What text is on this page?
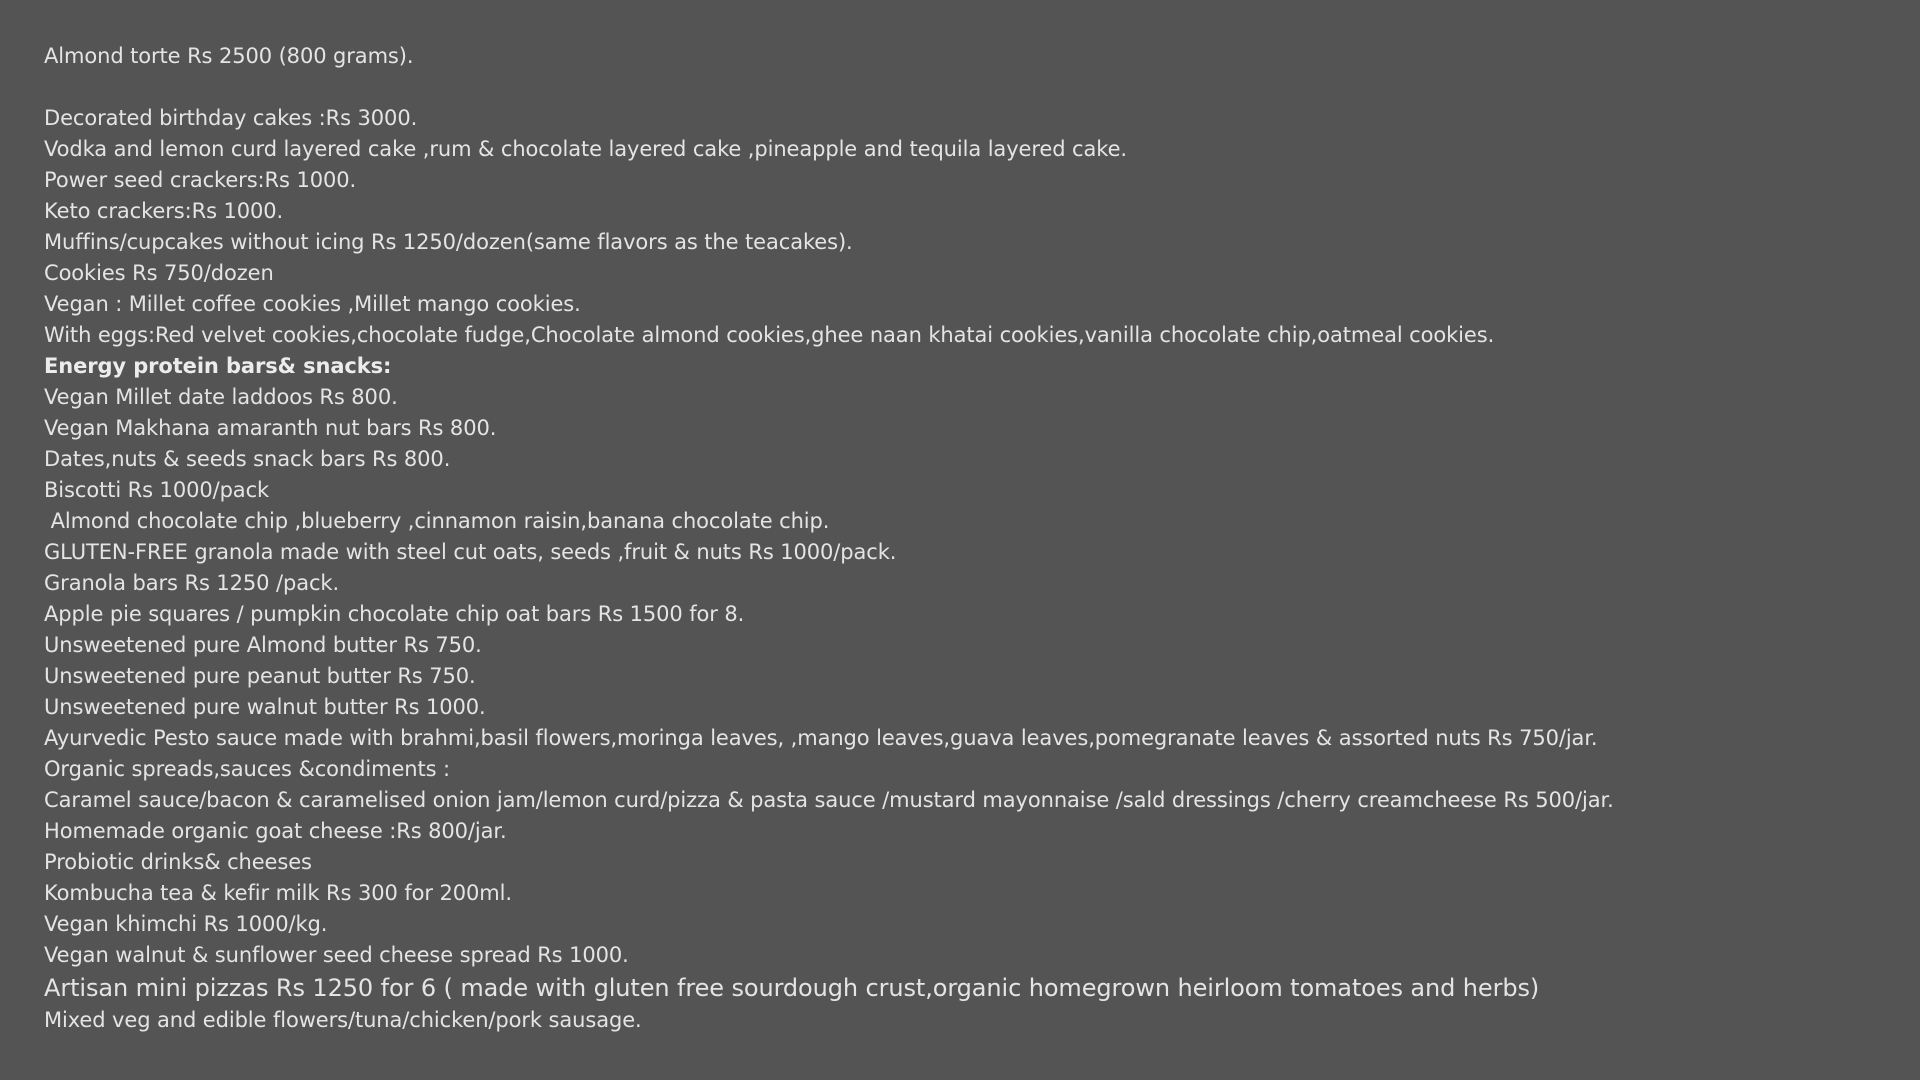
Almond torte Rs 2500 (800 grams).
Decorated birthday cakes :Rs 3000.
Vodka and lemon curd layered cake ,rum & chocolate layered cake ,pineapple and tequila layered cake.
Power seed crackers:Rs 1000.
Keto crackers:Rs 1000.
Muffins/cupcakes without icing Rs 1250/dozen(same flavors as the teacakes).
Cookies Rs 750/dozen
Vegan : Millet coffee cookies ,Millet mango cookies.
With eggs:Red velvet cookies,chocolate fudge,Chocolate almond cookies,ghee naan khatai cookies,vanilla chocolate chip,oatmeal cookies.
Energy protein bars& snacks:
Vegan Millet date laddoos Rs 800.
Vegan Makhana amaranth nut bars Rs 800.
Dates,nuts & seeds snack bars Rs 800.
Biscotti Rs 1000/pack
Almond chocolate chip ,blueberry ,cinnamon raisin,banana chocolate chip.
GLUTEN-FREE granola made with steel cut oats, seeds ,fruit & nuts Rs 1000/pack.
Granola bars Rs 1250 /pack.
Apple pie squares / pumpkin chocolate chip oat bars Rs 1500 for 8.
Unsweetened pure Almond butter Rs 750.
Unsweetened pure peanut butter Rs 750.
Unsweetened pure walnut butter Rs 1000.
Ayurvedic Pesto sauce made with brahmi,basil flowers,moringa leaves, ,mango leaves,guava leaves,pomegranate leaves & assorted nuts Rs 750/jar.
Organic spreads,sauces &condiments :
Caramel sauce/bacon & caramelised onion jam/lemon curd/pizza & pasta sauce /mustard mayonnaise /sald dressings /cherry creamcheese Rs 500/jar.
Homemade organic goat cheese :Rs 800/jar.
Probiotic drinks& cheeses
Kombucha tea & kefir milk Rs 300 for 200ml.
Vegan khimchi Rs 1000/kg.
Vegan walnut & sunflower seed cheese spread Rs 1000.
Artisan mini pizzas Rs 1250 for 6 ( made with gluten free sourdough crust,organic homegrown heirloom tomatoes and herbs)
Mixed veg and edible flowers/tuna/chicken/pork sausage.
